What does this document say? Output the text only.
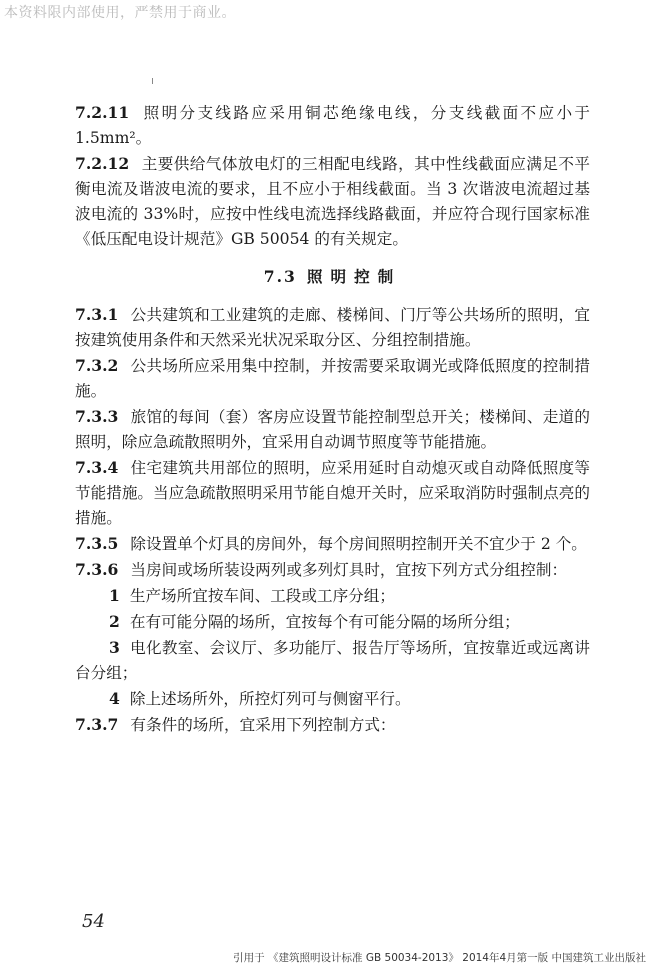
本资料限内部使用，严禁用于商业。

7.2.11 照明分支线路应采用铜芯绝缘电线，分支线截面不应小于 1.5mm²。

7.2.12 主要供给气体放电灯的三相配电线路，其中性线截面应满足不平衡电流及谐波电流的要求，且不应小于相线截面。当 3 次谐波电流超过基波电流的 33%时，应按中性线电流选择线路截面，并应符合现行国家标准《低压配电设计规范》GB 50054 的有关规定。

7.3 照明控制

7.3.1 公共建筑和工业建筑的走廊、楼梯间、门厅等公共场所的照明，宜按建筑使用条件和天然采光状况采取分区、分组控制措施。

7.3.2 公共场所应采用集中控制，并按需要采取调光或降低照度的控制措施。

7.3.3 旅馆的每间（套）客房应设置节能控制型总开关；楼梯间、走道的照明，除应急疏散照明外，宜采用自动调节照度等节能措施。

7.3.4 住宅建筑共用部位的照明，应采用延时自动熄灭或自动降低照度等节能措施。当应急疏散照明采用节能自熄开关时，应采取消防时强制点亮的措施。

7.3.5 除设置单个灯具的房间外，每个房间照明控制开关不宜少于 2 个。

7.3.6 当房间或场所装设两列或多列灯具时，宜按下列方式分组控制：

1 生产场所宜按车间、工段或工序分组；

2 在有可能分隔的场所，宜按每个有可能分隔的场所分组；

3 电化教室、会议厅、多功能厅、报告厅等场所，宜按靠近或远离讲台分组；

4 除上述场所外，所控灯列可与侧窗平行。

7.3.7 有条件的场所，宜采用下列控制方式：

54
引用于 《建筑照明设计标准 GB 50034-2013》 2014年4月第一版 中国建筑工业出版社
